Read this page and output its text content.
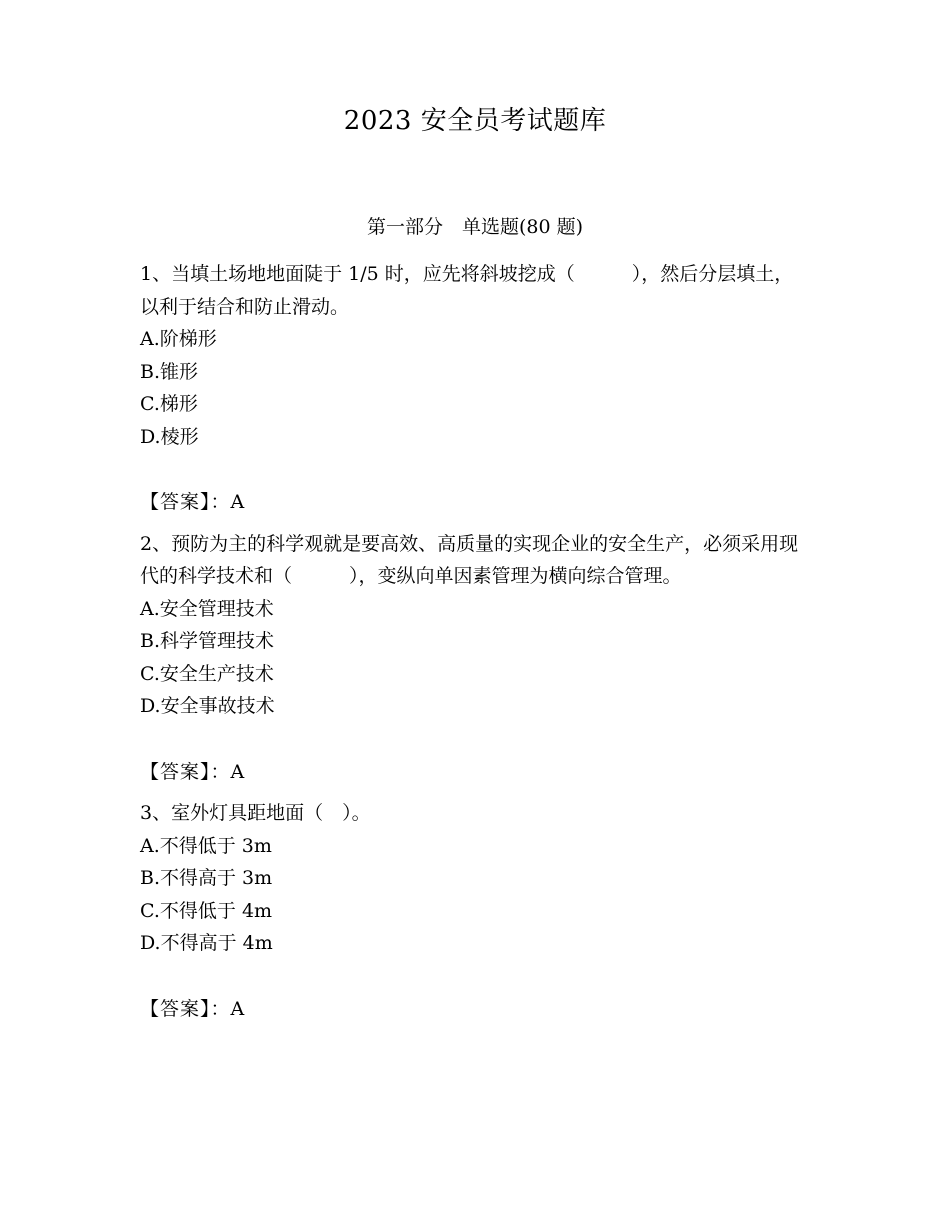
2023 安全员考试题库
第一部分　单选题(80 题)
1、当填土场地地面陡于 1/5 时，应先将斜坡挖成（　　　），然后分层填土，以利于结合和防止滑动。
A.阶梯形
B.锥形
C.梯形
D.棱形
【答案】：A
2、预防为主的科学观就是要高效、高质量的实现企业的安全生产，必须采用现代的科学技术和（　　　），变纵向单因素管理为横向综合管理。
A.安全管理技术
B.科学管理技术
C.安全生产技术
D.安全事故技术
【答案】：A
3、室外灯具距地面（　）。
A.不得低于 3m
B.不得高于 3m
C.不得低于 4m
D.不得高于 4m
【答案】：A
